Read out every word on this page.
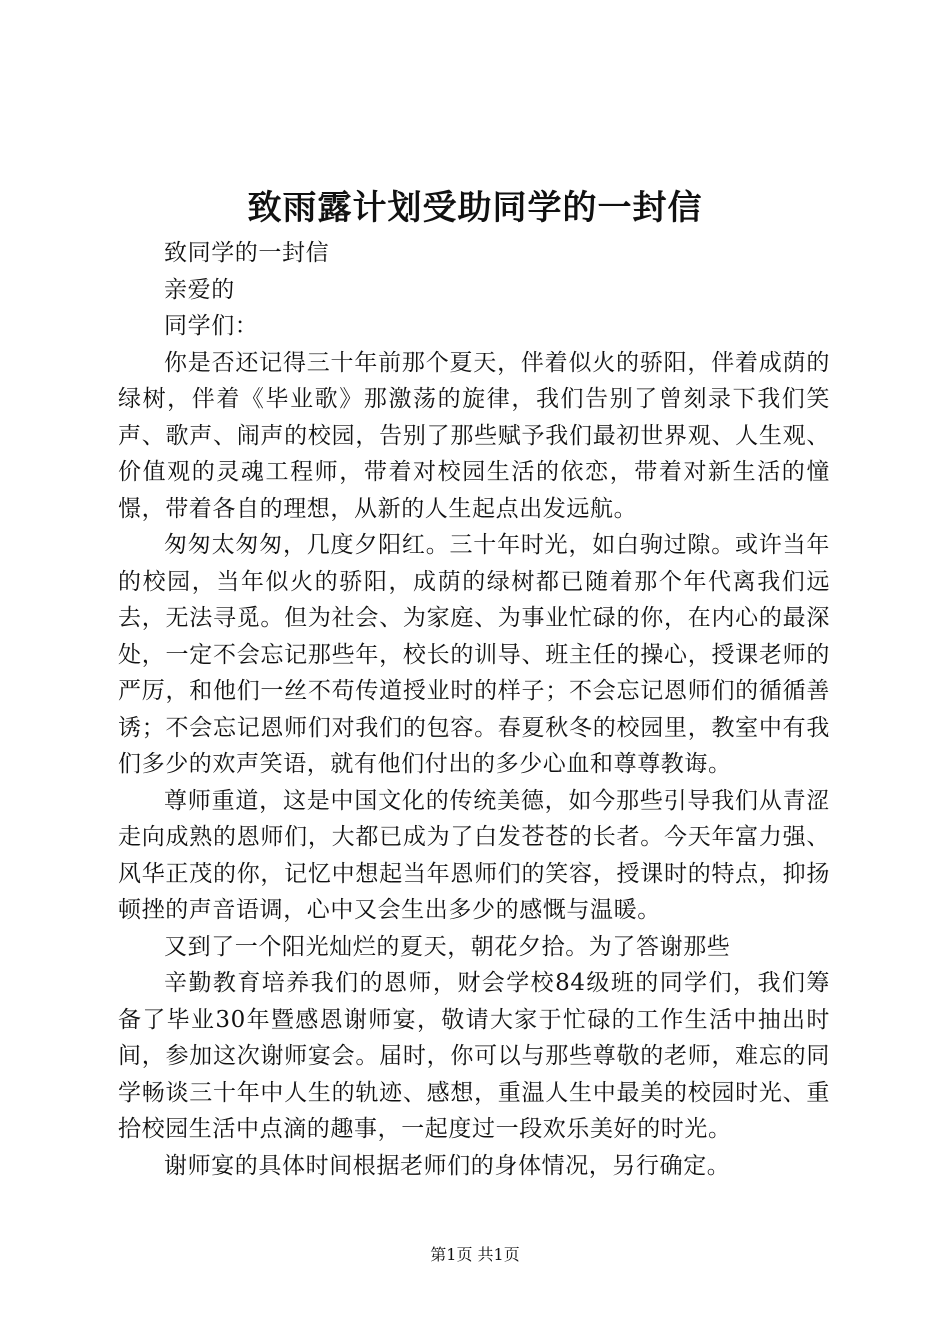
致雨露计划受助同学的一封信

致同学的一封信

亲爱的

同学们：

你是否还记得三十年前那个夏天，伴着似火的骄阳，伴着成荫的绿树，伴着《毕业歌》那激荡的旋律，我们告别了曾刻录下我们笑声、歌声、闹声的校园，告别了那些赋予我们最初世界观、人生观、价值观的灵魂工程师，带着对校园生活的依恋，带着对新生活的憧憬，带着各自的理想，从新的人生起点出发远航。

匆匆太匆匆，几度夕阳红。三十年时光，如白驹过隙。或许当年的校园，当年似火的骄阳，成荫的绿树都已随着那个年代离我们远去，无法寻觅。但为社会、为家庭、为事业忙碌的你，在内心的最深处，一定不会忘记那些年，校长的训导、班主任的操心，授课老师的严厉，和他们一丝不苟传道授业时的样子；不会忘记恩师们的循循善诱；不会忘记恩师们对我们的包容。春夏秋冬的校园里，教室中有我们多少的欢声笑语，就有他们付出的多少心血和尊尊教诲。

尊师重道，这是中国文化的传统美德，如今那些引导我们从青涩走向成熟的恩师们，大都已成为了白发苍苍的长者。今天年富力强、风华正茂的你，记忆中想起当年恩师们的笑容，授课时的特点，抑扬顿挫的声音语调，心中又会生出多少的感慨与温暖。

又到了一个阳光灿烂的夏天，朝花夕拾。为了答谢那些

辛勤教育培养我们的恩师，财会学校84级班的同学们，我们筹备了毕业30年暨感恩谢师宴，敬请大家于忙碌的工作生活中抽出时间，参加这次谢师宴会。届时，你可以与那些尊敬的老师，难忘的同学畅谈三十年中人生的轨迹、感想，重温人生中最美的校园时光、重拾校园生活中点滴的趣事，一起度过一段欢乐美好的时光。

谢师宴的具体时间根据老师们的身体情况，另行确定。

第1页 共1页
